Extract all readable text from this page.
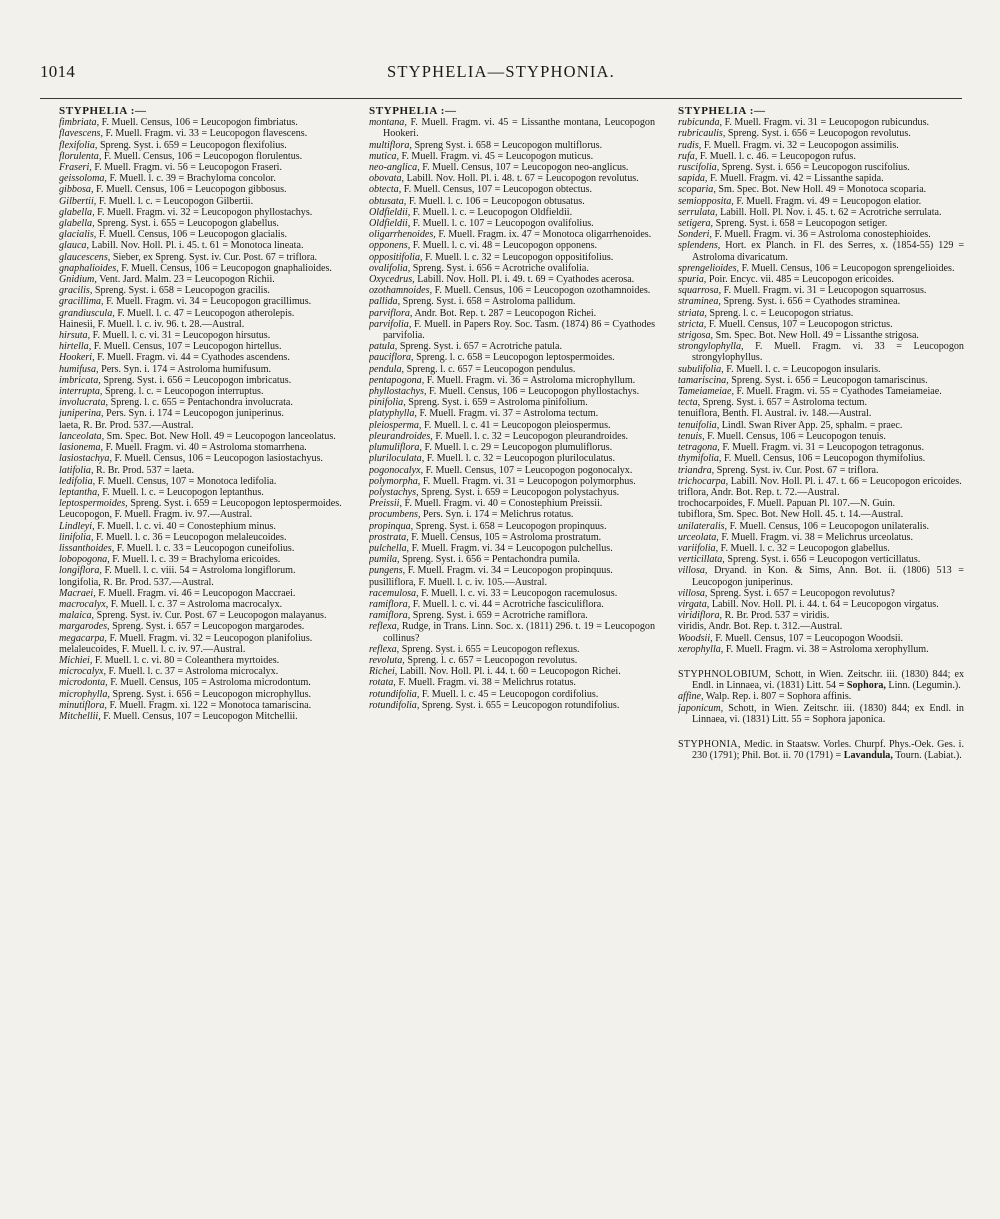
1014	STYPHELIA—STYPHONIA.
STYPHELIA :—
fimbriata, F. Muell. Census, 106 = Leucopogon fimbriatus.
flavescens, F. Muell. Fragm. vi. 33 = Leucopogon flavescens.
flexifolia, Spreng. Syst. i. 659 = Leucopogon flexifolius.
florulenta, F. Muell. Census, 106 = Leucopogon florulentus.
Fraseri, F. Muell. Fragm. vi. 56 = Leucopogon Fraseri.
geissoloma, F. Muell. l. c. 39 = Brachyloma concolor.
gibbosa, F. Muell. Census, 106 = Leucopogon gibbosus.
Gilbertii, F. Muell. l. c. = Leucopogon Gilbertii.
glabella, F. Muell. Fragm. vi. 32 = Leucopogon phyllostachys.
glabella, Spreng. Syst. i. 655 = Leucopogon glabellus.
glacialis, F. Muell. Census, 106 = Leucopogon glacialis.
glauca, Labill. Nov. Holl. Pl. i. 45. t. 61 = Monotoca lineata.
glaucescens, Sieber, ex Spreng. Syst. iv. Cur. Post. 67 = triflora.
gnaphalioides, F. Muell. Census, 106 = Leucopogon gnaphalioides.
Gnidium, Vent. Jard. Malm. 23 = Leucopogon Richii.
gracilis, Spreng. Syst. i. 658 = Leucopogon gracilis.
gracillima, F. Muell. Fragm. vi. 34 = Leucopogon gracillimus.
grandiuscula, F. Muell. l. c. 47 = Leucopogon atherolepis.
Hainesii, F. Muell. l. c. iv. 96. t. 28.—Austral.
hirsuta, F. Muell. l. c. vi. 31 = Leucopogon hirsutus.
hirtella, F. Muell. Census, 107 = Leucopogon hirtellus.
Hookeri, F. Muell. Fragm. vi. 44 = Cyathodes ascendens.
humifusa, Pers. Syn. i. 174 = Astroloma humifusum.
imbricata, Spreng. Syst. i. 656 = Leucopogon imbricatus.
interrupta, Spreng. l. c. = Leucopogon interruptus.
involucrata, Spreng. l. c. 655 = Pentachondra involucrata.
juniperina, Pers. Syn. i. 174 = Leucopogon juniperinus.
laeta, R. Br. Prod. 537.—Austral.
lanceolata, Sm. Spec. Bot. New Holl. 49 = Leucopogon lanceolatus.
lasionema, F. Muell. Fragm. vi. 40 = Astroloma stomarrhena.
lasiostachya, F. Muell. Census, 106 = Leucopogon lasiostachyus.
latifolia, R. Br. Prod. 537 = laeta.
ledifolia, F. Muell. Census, 107 = Monotoca ledifolia.
leptantha, F. Muell. l. c. = Leucopogon leptanthus.
leptospermoides, Spreng. Syst. i. 659 = Leucopogon leptospermoides.
Leucopogon, F. Muell. Fragm. iv. 97.—Austral.
Lindleyi, F. Muell. l. c. vi. 40 = Conostephium minus.
linifolia, F. Muell. l. c. 36 = Leucopogon melaleucoides.
lissanthoides, F. Muell. l. c. 33 = Leucopogon cuneifolius.
lobopogona, F. Muell. l. c. 39 = Brachyloma ericoides.
longiflora, F. Muell. l. c. viii. 54 = Astroloma longiflorum.
longifolia, R. Br. Prod. 537.—Austral.
Macraei, F. Muell. Fragm. vi. 46 = Leucopogon Maccraei.
macrocalyx, F. Muell. l. c. 37 = Astroloma macrocalyx.
malaica, Spreng. Syst. iv. Cur. Post. 67 = Leucopogon malayanus.
margarodes, Spreng. Syst. i. 657 = Leucopogon margarodes.
megacarpa, F. Muell. Fragm. vi. 32 = Leucopogon planifolius.
melaleucoides, F. Muell. l. c. iv. 97.—Austral.
Michiei, F. Muell. l. c. vi. 80 = Coleanthera myrtoides.
microcalyx, F. Muell. l. c. 37 = Astroloma microcalyx.
microdonta, F. Muell. Census, 105 = Astroloma microdontum.
microphylla, Spreng. Syst. i. 656 = Leucopogon microphyllus.
minutiflora, F. Muell. Fragm. xi. 122 = Monotoca tamariscina.
Mitchellii, F. Muell. Census, 107 = Leucopogon Mitchellii.
STYPHELIA :—
montana, F. Muell. Fragm. vi. 45 = Lissanthe montana, Leucopogon Hookeri.
multiflora, Spreng Syst. i. 658 = Leucopogon multiflorus.
mutica, F. Muell. Fragm. vi. 45 = Leucopogon muticus.
neo-anglica, F. Muell. Census, 107 = Leucopogon neo-anglicus.
obovata, Labill. Nov. Holl. Pl. i. 48. t. 67 = Leucopogon revolutus.
obtecta, F. Muell. Census, 107 = Leucopogon obtectus.
obtusata, F. Muell. l. c. 106 = Leucopogon obtusatus.
Oldfieldii, F. Muell. l. c. = Leucopogon Oldfieldii.
Oldfieldii, F. Muell. l. c. 107 = Leucopogon ovalifolius.
oligarrhenoides, F. Muell. Fragm. ix. 47 = Monotoca oligarrhenoides.
opponens, F. Muell. l. c. vi. 48 = Leucopogon opponens.
oppositifolia, F. Muell. l. c. 32 = Leucopogon oppositifolius.
ovalifolia, Spreng. Syst. i. 656 = Acrotriche ovalifolia.
Oxycedrus, Labill. Nov. Holl. Pl. i. 49. t. 69 = Cyathodes acerosa.
ozothamnoides, F. Muell. Census, 106 = Leucopogon ozothamnoides.
pallida, Spreng. Syst. i. 658 = Astroloma pallidum.
parviflora, Andr. Bot. Rep. t. 287 = Leucopogon Richei.
parvifolia, F. Muell. in Papers Roy. Soc. Tasm. (1874) 86 = Cyathodes parvifolia.
patula, Spreng. Syst. i. 657 = Acrotriche patula.
pauciflora, Spreng. l. c. 658 = Leucopogon leptospermoides.
pendula, Spreng. l. c. 657 = Leucopogon pendulus.
pentapogona, F. Muell. Fragm. vi. 36 = Astroloma microphyllum.
phyllostachys, F. Muell. Census, 106 = Leucopogon phyllostachys.
pinifolia, Spreng. Syst. i. 659 = Astroloma pinifolium.
platyphylla, F. Muell. Fragm. vi. 37 = Astroloma tectum.
pleiosperma, F. Muell. l. c. 41 = Leucopogon pleiospermus.
pleurandroides, F. Muell. l. c. 32 = Leucopogon pleurandroides.
plumuliflora, F. Muell. l. c. 29 = Leucopogon plumuliflorus.
pluriloculata, F. Muell. l. c. 32 = Leucopogon pluriloculatus.
pogonocalyx, F. Muell. Census, 107 = Leucopogon pogonocalyx.
polymorpha, F. Muell. Fragm. vi. 31 = Leucopogon polymorphus.
polystachys, Spreng. Syst. i. 659 = Leucopogon polystachyus.
Preissii, F. Muell. Fragm. vi. 40 = Conostephium Preissii.
procumbens, Pers. Syn. i. 174 = Melichrus rotatus.
propinqua, Spreng. Syst. i. 658 = Leucopogon propinquus.
prostrata, F. Muell. Census, 105 = Astroloma prostratum.
pulchella, F. Muell. Fragm. vi. 34 = Leucopogon pulchellus.
pumila, Spreng. Syst. i. 656 = Pentachondra pumila.
pungens, F. Muell. Fragm. vi. 34 = Leucopogon propinquus.
pusilliflora, F. Muell. l. c. iv. 105.—Austral.
racemulosa, F. Muell. l. c. vi. 33 = Leucopogon racemulosus.
ramiflora, F. Muell. l. c. vi. 44 = Acrotriche fasciculiflora.
ramiflora, Spreng. Syst. i. 659 = Acrotriche ramiflora.
reflexa, Rudge, in Trans. Linn. Soc. x. (1811) 296. t. 19 = Leucopogon collinus?
reflexa, Spreng. Syst. i. 655 = Leucopogon reflexus.
revoluta, Spreng. l. c. 657 = Leucopogon revolutus.
Richei, Labill. Nov. Holl. Pl. i. 44. t. 60 = Leucopogon Richei.
rotata, F. Muell. Fragm. vi. 38 = Melichrus rotatus.
rotundifolia, F. Muell. l. c. 45 = Leucopogon cordifolius.
rotundifolia, Spreng. Syst. i. 655 = Leucopogon rotundifolius.
STYPHELIA :—
rubicunda, F. Muell. Fragm. vi. 31 = Leucopogon rubicundus.
rubricaulis, Spreng. Syst. i. 656 = Leucopogon revolutus.
rudis, F. Muell. Fragm. vi. 32 = Leucopogon assimilis.
rufa, F. Muell. l. c. 46. = Leucopogon rufus.
ruscifolia, Spreng. Syst. i. 656 = Leucopogon ruscifolius.
sapida, F. Muell. Fragm. vi. 42 = Lissanthe sapida.
scoparia, Sm. Spec. Bot. New Holl. 49 = Monotoca scoparia.
semiopposita, F. Muell. Fragm. vi. 49 = Leucopogon elatior.
serrulata, Labill. Holl. Pl. Nov. i. 45. t. 62 = Acrotriche serrulata.
setigera, Spreng. Syst. i. 658 = Leucopogon setiger.
Sonderi, F. Muell. Fragm. vi. 36 = Astroloma conostephioides.
splendens, Hort. ex Planch. in Fl. des Serres, x. (1854-55) 129 = Astroloma divaricatum.
sprengelioides, F. Muell. Census, 106 = Leucopogon sprengelioides.
spuria, Poir. Encyc. vii. 485 = Leucopogon ericoides.
squarrosa, F. Muell. Fragm. vi. 31 = Leucopogon squarrosus.
straminea, Spreng. Syst. i. 656 = Cyathodes straminea.
striata, Spreng. l. c. = Leucopogon striatus.
stricta, F. Muell. Census, 107 = Leucopogon strictus.
strigosa, Sm. Spec. Bot. New Holl. 49 = Lissanthe strigosa.
strongylophylla, F. Muell. Fragm. vi. 33 = Leucopogon strongylophyllus.
subulifolia, F. Muell. l. c. = Leucopogon insularis.
tamariscina, Spreng. Syst. i. 656 = Leucopogon tamariscinus.
Tameiameiae, F. Muell. Fragm. vi. 55 = Cyathodes Tameiameiae.
tecta, Spreng. Syst. i. 657 = Astroloma tectum.
tenuiflora, Benth. Fl. Austral. iv. 148.—Austral.
tenuifolia, Lindl. Swan River App. 25, sphalm. = praec.
tenuis, F. Muell. Census, 106 = Leucopogon tenuis.
tetragona, F. Muell. Fragm. vi. 31 = Leucopogon tetragonus.
thymifolia, F. Muell. Census, 106 = Leucopogon thymifolius.
triandra, Spreng. Syst. iv. Cur. Post. 67 = triflora.
trichocarpa, Labill. Nov. Holl. Pl. i. 47. t. 66 = Leucopogon ericoides.
triflora, Andr. Bot. Rep. t. 72.—Austral.
trochocarpoides, F. Muell. Papuan Pl. 107.—N. Guin.
tubiflora, Sm. Spec. Bot. New Holl. 45. t. 14.—Austral.
unilateralis, F. Muell. Census, 106 = Leucopogon unilateralis.
urceolata, F. Muell. Fragm. vi. 38 = Melichrus urceolatus.
variifolia, F. Muell. l. c. 32 = Leucopogon glabellus.
verticillata, Spreng. Syst. i. 656 = Leucopogon verticillatus.
villosa, Dryand. in Kon. & Sims, Ann. Bot. ii. (1806) 513 = Leucopogon juniperinus.
villosa, Spreng. Syst. i. 657 = Leucopogon revolutus?
virgata, Labill. Nov. Holl. Pl. i. 44. t. 64 = Leucopogon virgatus.
viridiflora, R. Br. Prod. 537 = viridis.
viridis, Andr. Bot. Rep. t. 312.—Austral.
Woodsii, F. Muell. Census, 107 = Leucopogon Woodsii.
xerophylla, F. Muell. Fragm. vi. 38 = Astroloma xerophyllum.
STYPHNOLOBIUM, Schott, in Wien. Zeitschr. iii. (1830) 844; ex Endl. in Linnaea, vi. (1831) Litt. 54 = Sophora, Linn. (Legumin.).
affine, Walp. Rep. i. 807 = Sophora affinis.
japonicum, Schott, in Wien. Zeitschr. iii. (1830) 844; ex Endl. in Linnaea, vi. (1831) Litt. 55 = Sophora japonica.
STYPHONIA, Medic. in Staatsw. Vorles. Churpf. Phys.-Oek. Ges. i. 230 (1791); Phil. Bot. ii. 70 (1791) = Lavandula, Tourn. (Labiat.).
